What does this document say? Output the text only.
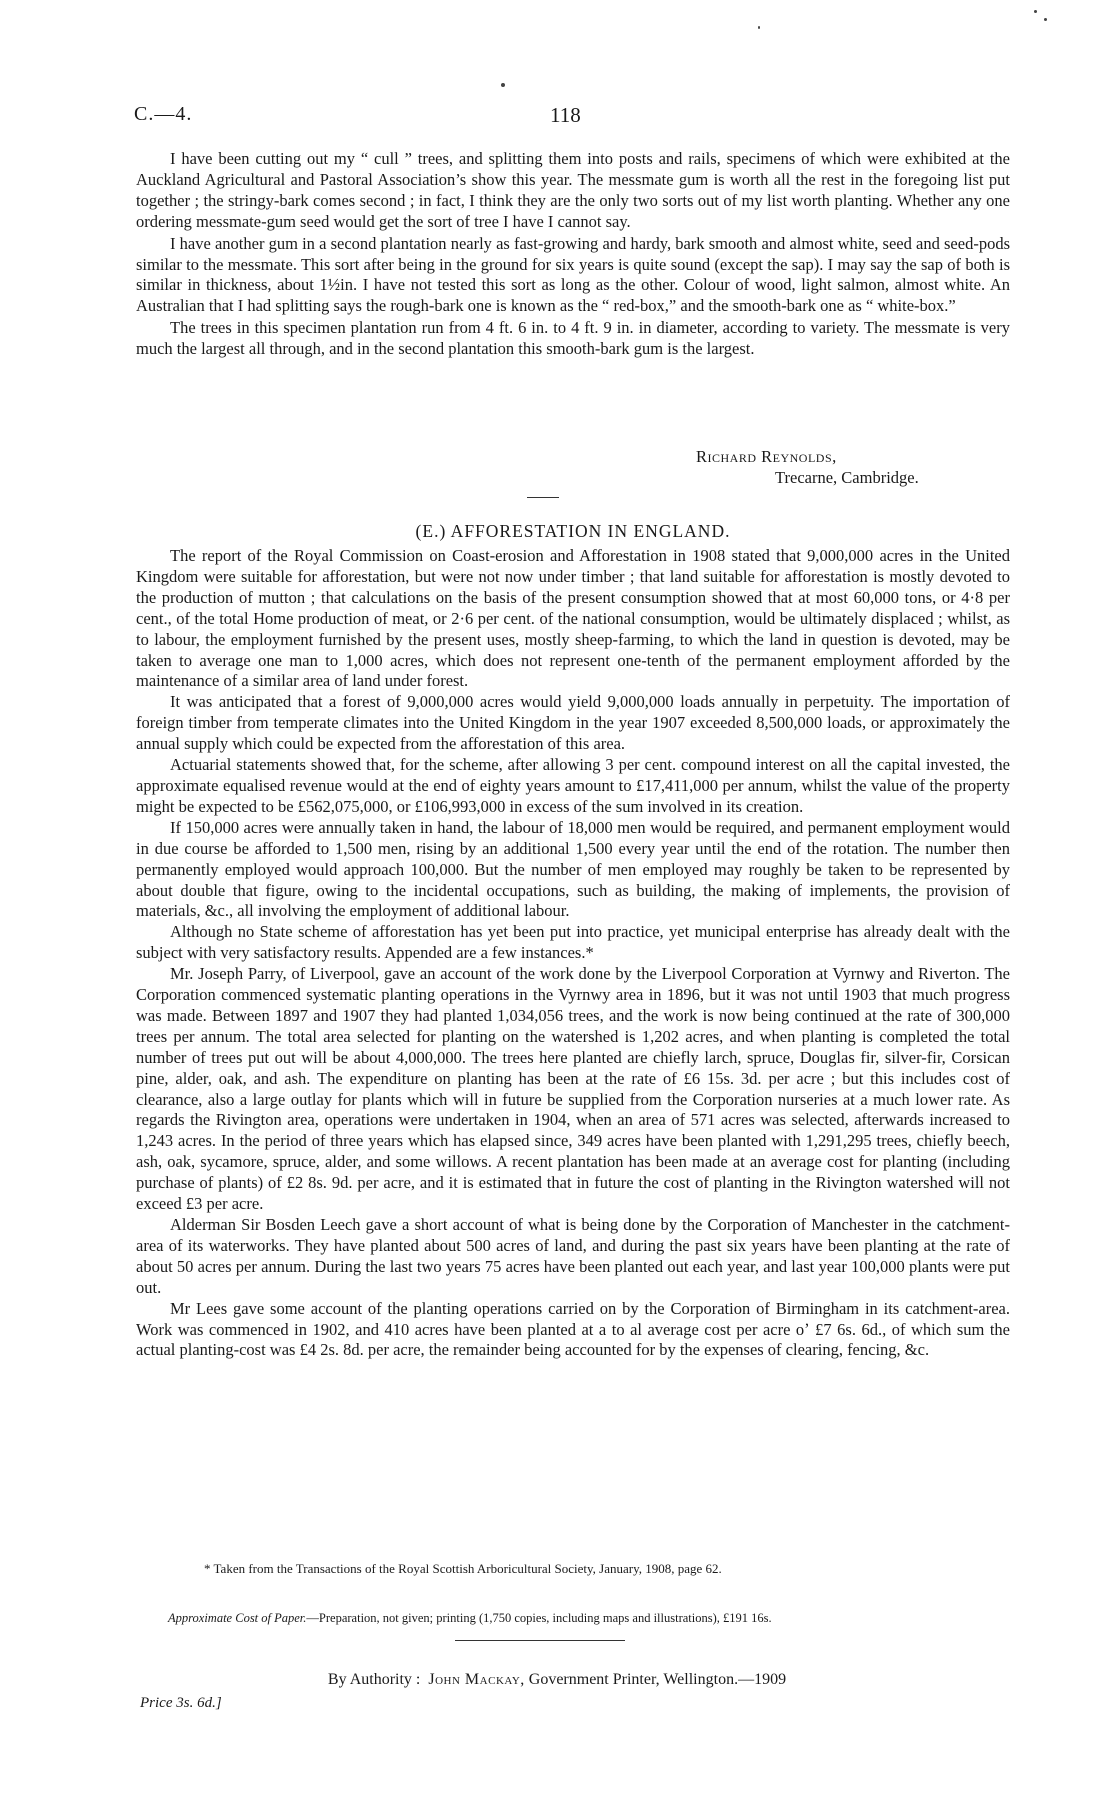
C.—4.	118

I have been cutting out my “ cull ” trees, and splitting them into posts and rails, specimens of which were exhibited at the Auckland Agricultural and Pastoral Association’s show this year. The messmate gum is worth all the rest in the foregoing list put together ; the stringy-bark comes second ; in fact, I think they are the only two sorts out of my list worth planting. Whether any one ordering messmate-gum seed would get the sort of tree I have I cannot say.

I have another gum in a second plantation nearly as fast-growing and hardy, bark smooth and almost white, seed and seed-pods similar to the messmate. This sort after being in the ground for six years is quite sound (except the sap). I may say the sap of both is similar in thickness, about 1½in. I have not tested this sort as long as the other. Colour of wood, light salmon, almost white. An Australian that I had splitting says the rough-bark one is known as the “ red-box,” and the smooth-bark one as “ white-box.”

The trees in this specimen plantation run from 4 ft. 6 in. to 4 ft. 9 in. in diameter, according to variety. The messmate is very much the largest all through, and in the second plantation this smooth-bark gum is the largest.

Richard Reynolds,
Trecarne, Cambridge.
(E.) AFFORESTATION IN ENGLAND.

The report of the Royal Commission on Coast-erosion and Afforestation in 1908 stated that 9,000,000 acres in the United Kingdom were suitable for afforestation, but were not now under timber ; that land suitable for afforestation is mostly devoted to the production of mutton ; that calculations on the basis of the present consumption showed that at most 60,000 tons, or 4·8 per cent., of the total Home production of meat, or 2·6 per cent. of the national consumption, would be ultimately displaced ; whilst, as to labour, the employment furnished by the present uses, mostly sheep-farming, to which the land in question is devoted, may be taken to average one man to 1,000 acres, which does not represent one-tenth of the permanent employment afforded by the maintenance of a similar area of land under forest.

It was anticipated that a forest of 9,000,000 acres would yield 9,000,000 loads annually in perpetuity. The importation of foreign timber from temperate climates into the United Kingdom in the year 1907 exceeded 8,500,000 loads, or approximately the annual supply which could be expected from the afforestation of this area.

Actuarial statements showed that, for the scheme, after allowing 3 per cent. compound interest on all the capital invested, the approximate equalised revenue would at the end of eighty years amount to £17,411,000 per annum, whilst the value of the property might be expected to be £562,075,000, or £106,993,000 in excess of the sum involved in its creation.

If 150,000 acres were annually taken in hand, the labour of 18,000 men would be required, and permanent employment would in due course be afforded to 1,500 men, rising by an additional 1,500 every year until the end of the rotation. The number then permanently employed would approach 100,000. But the number of men employed may roughly be taken to be represented by about double that figure, owing to the incidental occupations, such as building, the making of implements, the provision of materials, &c., all involving the employment of additional labour.

Although no State scheme of afforestation has yet been put into practice, yet municipal enterprise has already dealt with the subject with very satisfactory results. Appended are a few instances.*

Mr. Joseph Parry, of Liverpool, gave an account of the work done by the Liverpool Corporation at Vyrnwy and Riverton. The Corporation commenced systematic planting operations in the Vyrnwy area in 1896, but it was not until 1903 that much progress was made. Between 1897 and 1907 they had planted 1,034,056 trees, and the work is now being continued at the rate of 300,000 trees per annum. The total area selected for planting on the watershed is 1,202 acres, and when planting is completed the total number of trees put out will be about 4,000,000. The trees here planted are chiefly larch, spruce, Douglas fir, silver-fir, Corsican pine, alder, oak, and ash. The expenditure on planting has been at the rate of £6 15s. 3d. per acre ; but this includes cost of clearance, also a large outlay for plants which will in future be supplied from the Corporation nurseries at a much lower rate. As regards the Rivington area, operations were undertaken in 1904, when an area of 571 acres was selected, afterwards increased to 1,243 acres. In the period of three years which has elapsed since, 349 acres have been planted with 1,291,295 trees, chiefly beech, ash, oak, sycamore, spruce, alder, and some willows. A recent plantation has been made at an average cost for planting (including purchase of plants) of £2 8s. 9d. per acre, and it is estimated that in future the cost of planting in the Rivington watershed will not exceed £3 per acre.

Alderman Sir Bosden Leech gave a short account of what is being done by the Corporation of Manchester in the catchment-area of its waterworks. They have planted about 500 acres of land, and during the past six years have been planting at the rate of about 50 acres per annum. During the last two years 75 acres have been planted out each year, and last year 100,000 plants were put out.

Mr Lees gave some account of the planting operations carried on by the Corporation of Birmingham in its catchment-area. Work was commenced in 1902, and 410 acres have been planted at a to al average cost per acre oʼ £7 6s. 6d., of which sum the actual planting-cost was £4 2s. 8d. per acre, the remainder being accounted for by the expenses of clearing, fencing, &c.

* Taken from the Transactions of the Royal Scottish Arboricultural Society, January, 1908, page 62.
Approximate Cost of Paper.—Preparation, not given; printing (1,750 copies, including maps and illustrations), £191 16s.
By Authority : John Mackay, Government Printer, Wellington.—1909
Price 3s. 6d.]
